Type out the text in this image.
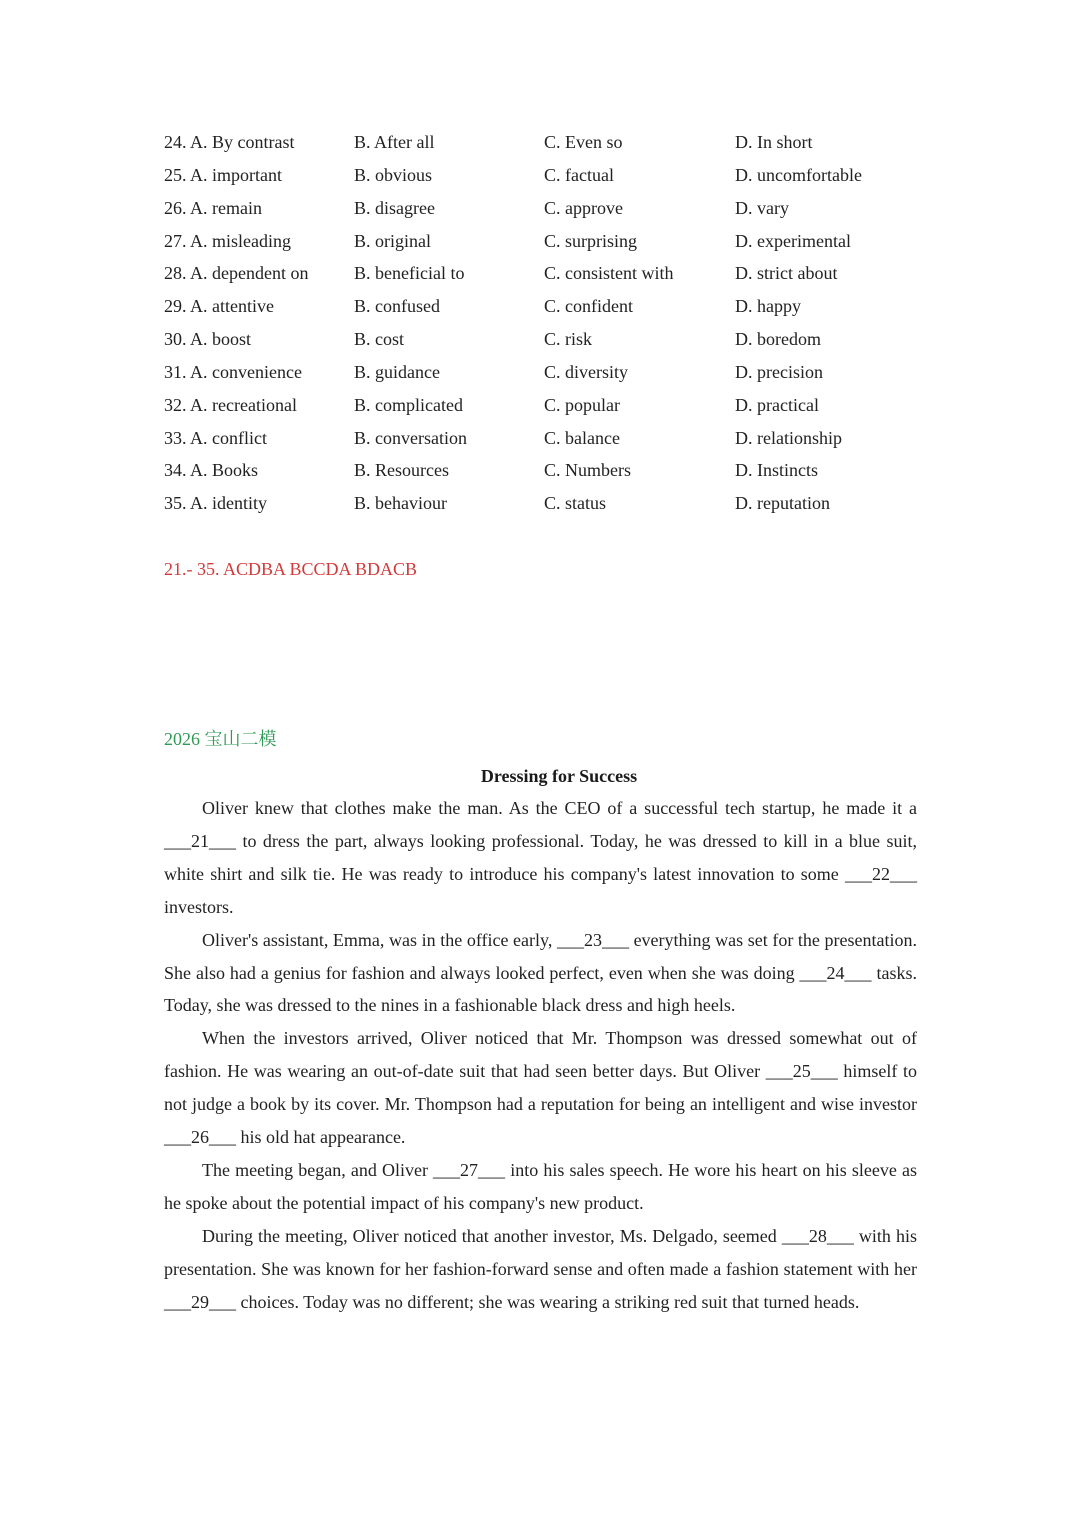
24. A. By contrast	B. After all	C. Even so	D. In short
25. A. important	B. obvious	C. factual	D. uncomfortable
26. A. remain	B. disagree	C. approve	D. vary
27. A. misleading	B. original	C. surprising	D. experimental
28. A. dependent on	B. beneficial to	C. consistent with	D. strict about
29. A. attentive	B. confused	C. confident	D. happy
30. A. boost	B. cost	C. risk	D. boredom
31. A. convenience	B. guidance	C. diversity	D. precision
32. A. recreational	B. complicated	C. popular	D. practical
33. A. conflict	B. conversation	C. balance	D. relationship
34. A. Books	B. Resources	C. Numbers	D. Instincts
35. A. identity	B. behaviour	C. status	D. reputation
21.- 35. ACDBA BCCDA BDACB
2026 宝山二模
Dressing for Success

Oliver knew that clothes make the man. As the CEO of a successful tech startup, he made it a ___21___ to dress the part, always looking professional. Today, he was dressed to kill in a blue suit, white shirt and silk tie. He was ready to introduce his company's latest innovation to some ___22___ investors.

Oliver's assistant, Emma, was in the office early, ___23___ everything was set for the presentation. She also had a genius for fashion and always looked perfect, even when she was doing ___24___ tasks. Today, she was dressed to the nines in a fashionable black dress and high heels.

When the investors arrived, Oliver noticed that Mr. Thompson was dressed somewhat out of fashion. He was wearing an out-of-date suit that had seen better days. But Oliver ___25___ himself to not judge a book by its cover. Mr. Thompson had a reputation for being an intelligent and wise investor ___26___ his old hat appearance.

The meeting began, and Oliver ___27___ into his sales speech. He wore his heart on his sleeve as he spoke about the potential impact of his company's new product.

During the meeting, Oliver noticed that another investor, Ms. Delgado, seemed ___28___ with his presentation. She was known for her fashion-forward sense and often made a fashion statement with her ___29___ choices. Today was no different; she was wearing a striking red suit that turned heads.
